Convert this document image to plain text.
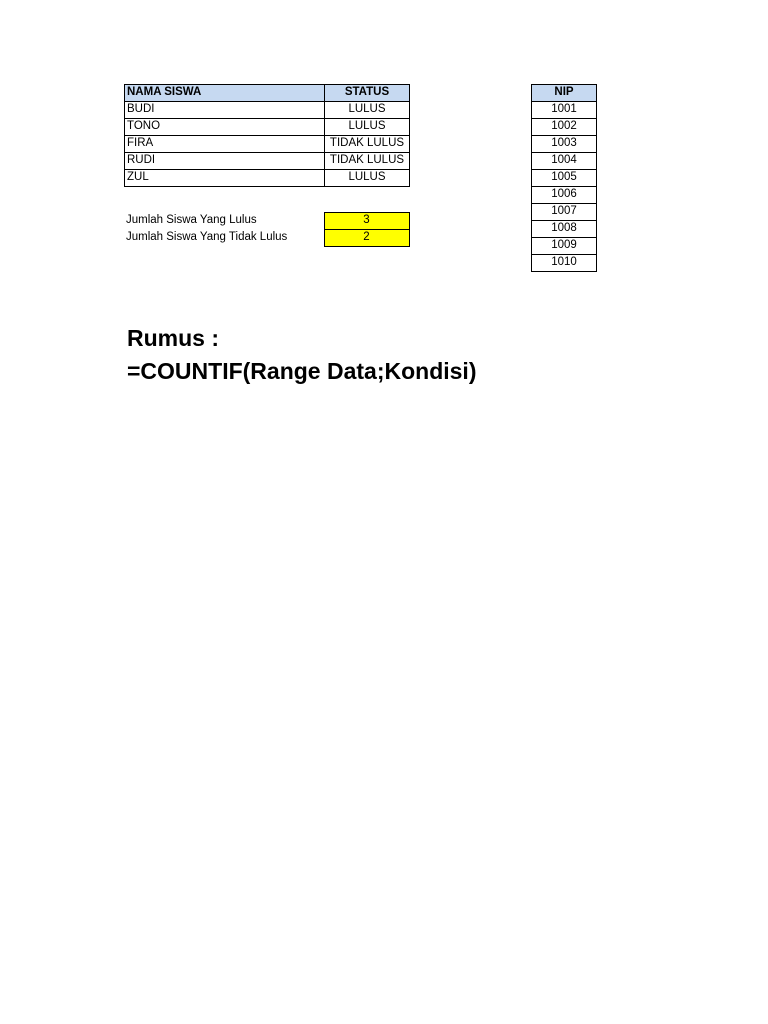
NAMA SISWA	STATUS
BUDI	LULUS
TONO	LULUS
FIRA	TIDAK LULUS
RUDI	TIDAK LULUS
ZUL	LULUS
Jumlah Siswa Yang Lulus	3
Jumlah Siswa Yang Tidak Lulus	2
NIP
1001
1002
1003
1004
1005
1006
1007
1008
1009
1010
Rumus :
=COUNTIF(Range Data;Kondisi)
